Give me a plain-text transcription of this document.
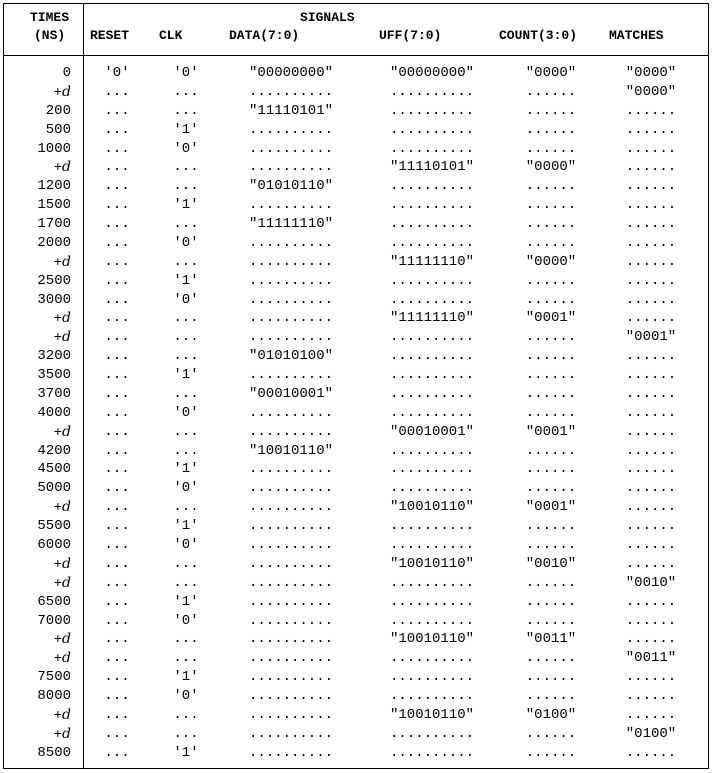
TIMES
(NS)
SIGNALS
RESET CLK	DATA(7:0)	UFF(7:0)	COUNT(3:0) MATCHES
0	'0'	'0'	"00000000"	"00000000"	"0000"	"0000"
+d	...	...	..........	..........	......	"0000"
200	...	...	"11110101"	..........	......	......
500	...	'1'	..........	..........	......	......
1000	...	'0'	..........	..........	......	......
+d	...	...	..........	"11110101"	"0000"	......
1200	...	...	"01010110"	..........	......	......
1500	...	'1'	..........	..........	......	......
1700	...	...	"11111110"	..........	......	......
2000	...	'0'	..........	..........	......	......
+d	...	...	..........	"11111110"	"0000"	......
2500	...	'1'	..........	..........	......	......
3000	...	'0'	..........	..........	......	......
+d	...	...	..........	"11111110"	"0001"	......
+d	...	...	..........	..........	......	"0001"
3200	...	...	"01010100"	..........	......	......
3500	...	'1'	..........	..........	......	......
3700	...	...	"00010001"	..........	......	......
4000	...	'0'	..........	..........	......	......
+d	...	...	..........	"00010001"	"0001"	......
4200	...	...	"10010110"	..........	......	......
4500	...	'1'	..........	..........	......	......
5000	...	'0'	..........	..........	......	......
+d	...	...	..........	"10010110"	"0001"	......
5500	...	'1'	..........	..........	......	......
6000	...	'0'	..........	..........	......	......
+d	...	...	..........	"10010110"	"0010"	......
+d	...	...	..........	..........	......	"0010"
6500	...	'1'	..........	..........	......	......
7000	...	'0'	..........	..........	......	......
+d	...	...	..........	"10010110"	"0011"	......
+d	...	...	..........	..........	......	"0011"
7500	...	'1'	..........	..........	......	......
8000	...	'0'	..........	..........	......	......
+d	...	...	..........	"10010110"	"0100"	......
+d	...	...	..........	..........	......	"0100"
8500	...	'1'	..........	..........	......	......
